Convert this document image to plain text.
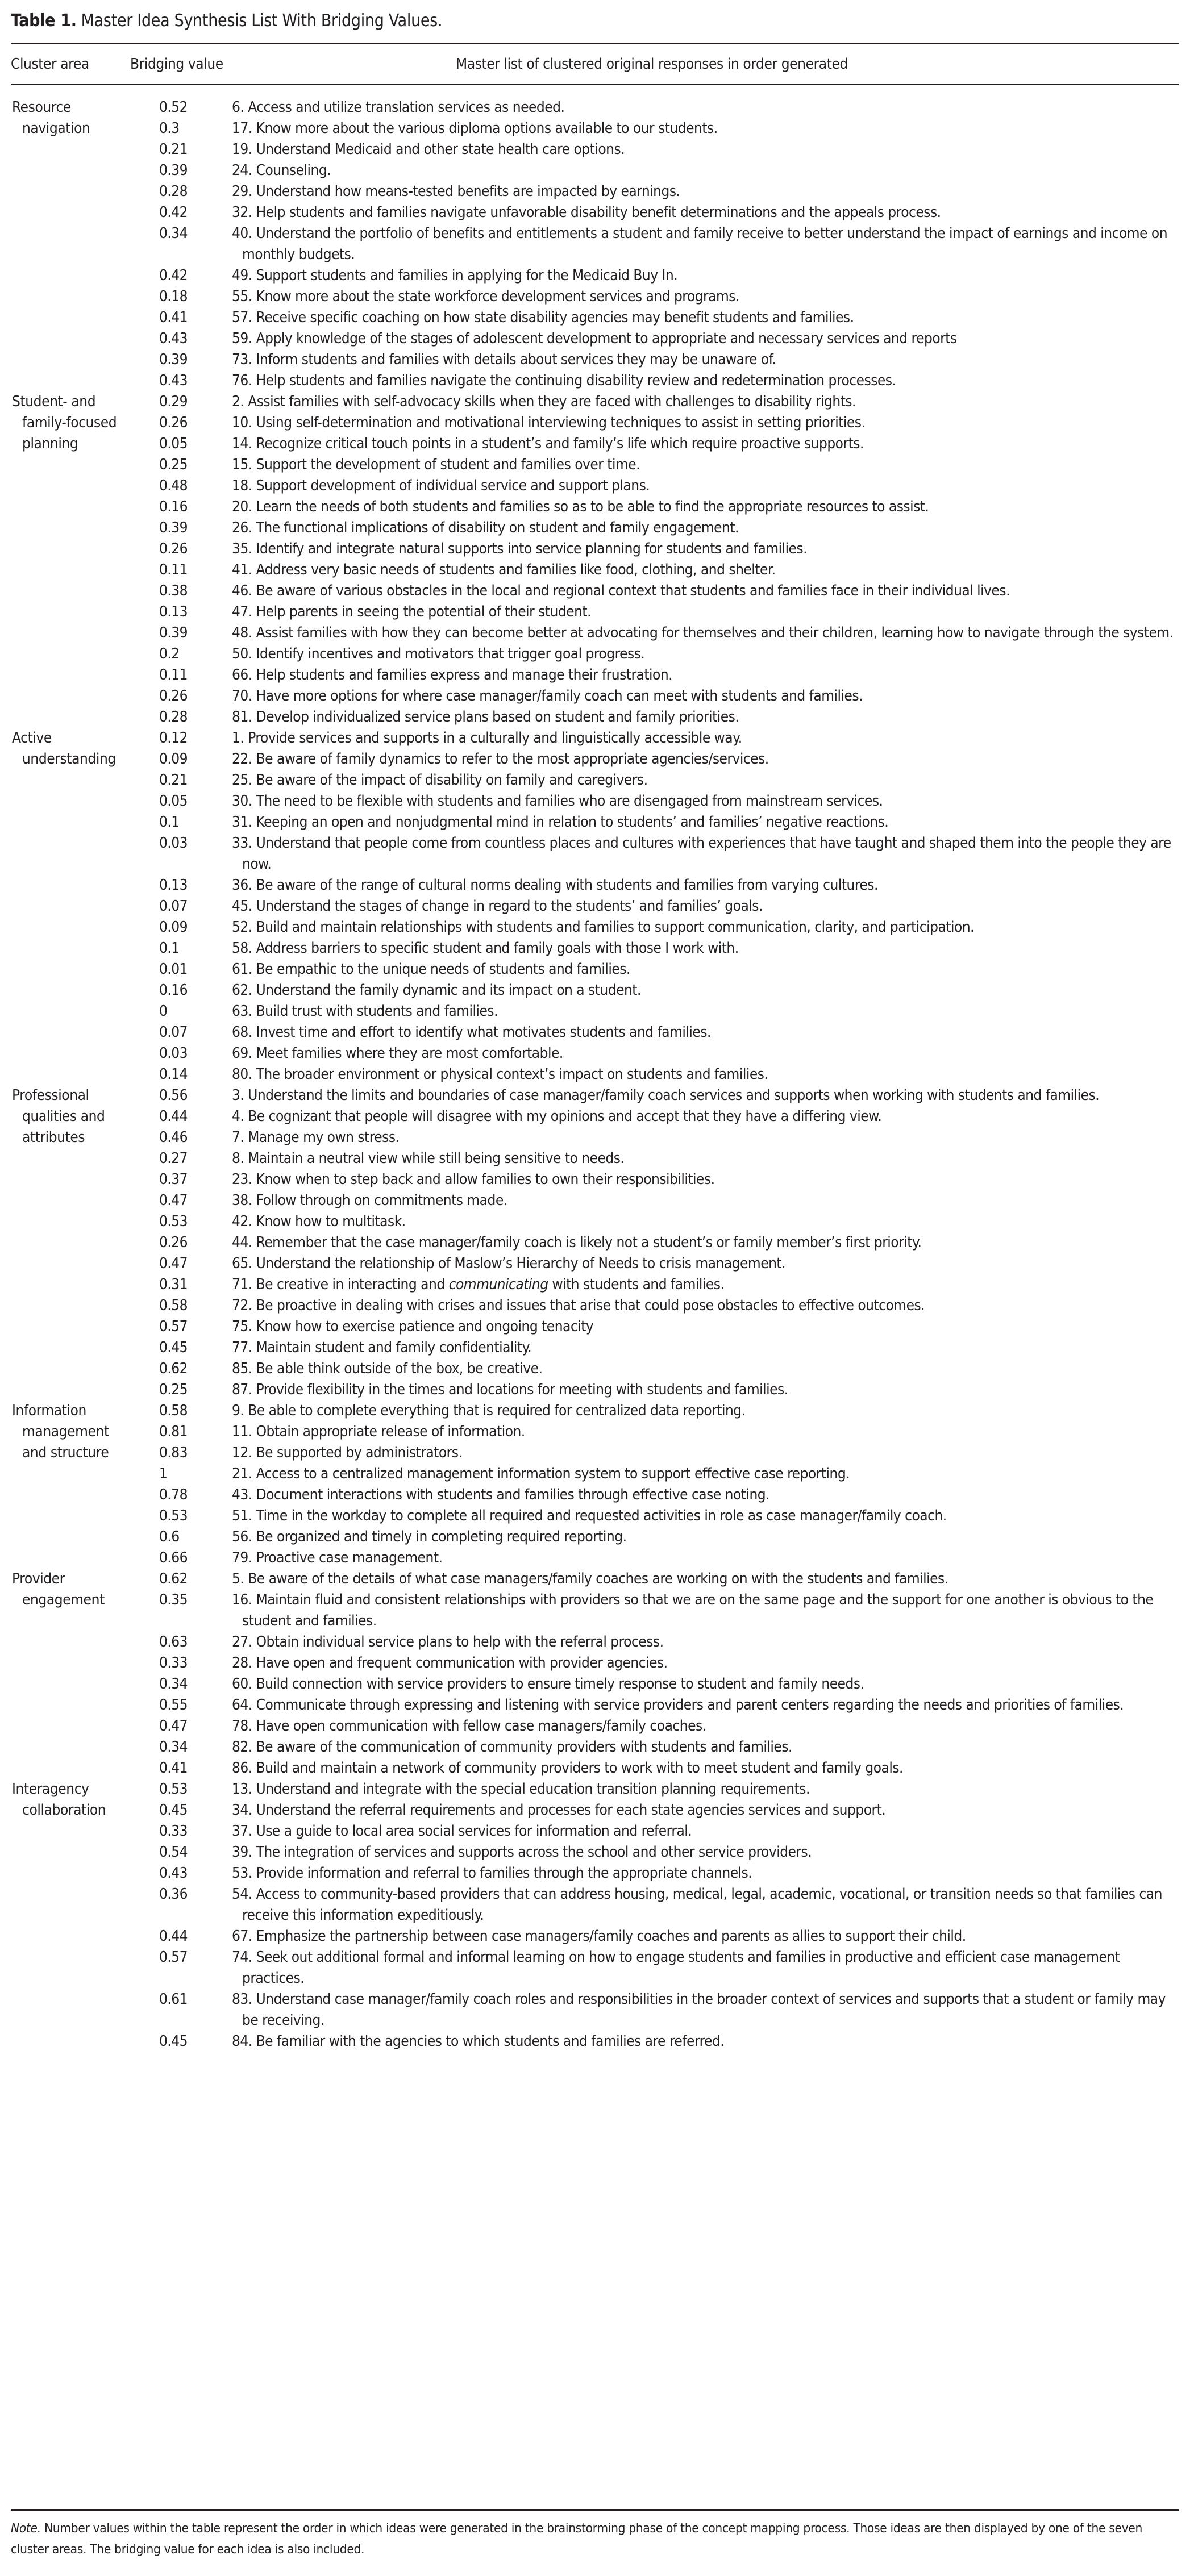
Table 1. Master Idea Synthesis List With Bridging Values.
Cluster area	Bridging value	Master list of clustered original responses in order generated
Resource
navigation
0.52	6. Access and utilize translation services as needed.
0.3	17. Know more about the various diploma options available to our students.
0.21	19. Understand Medicaid and other state health care options.
0.39	24. Counseling.
0.28	29. Understand how means-tested benefits are impacted by earnings.
0.42	32. Help students and families navigate unfavorable disability benefit determinations and the appeals process.
0.34	40. Understand the portfolio of benefits and entitlements a student and family receive to better understand the impact of earnings and income on monthly budgets.
0.42	49. Support students and families in applying for the Medicaid Buy In.
0.18	55. Know more about the state workforce development services and programs.
0.41	57. Receive specific coaching on how state disability agencies may benefit students and families.
0.43	59. Apply knowledge of the stages of adolescent development to appropriate and necessary services and reports
0.39	73. Inform students and families with details about services they may be unaware of.
0.43	76. Help students and families navigate the continuing disability review and redetermination processes.
Student- and
family-focused
planning
0.29	2. Assist families with self-advocacy skills when they are faced with challenges to disability rights.
0.26	10. Using self-determination and motivational interviewing techniques to assist in setting priorities.
0.05	14. Recognize critical touch points in a student’s and family’s life which require proactive supports.
0.25	15. Support the development of student and families over time.
0.48	18. Support development of individual service and support plans.
0.16	20. Learn the needs of both students and families so as to be able to find the appropriate resources to assist.
0.39	26. The functional implications of disability on student and family engagement.
0.26	35. Identify and integrate natural supports into service planning for students and families.
0.11	41. Address very basic needs of students and families like food, clothing, and shelter.
0.38	46. Be aware of various obstacles in the local and regional context that students and families face in their individual lives.
0.13	47. Help parents in seeing the potential of their student.
0.39	48. Assist families with how they can become better at advocating for themselves and their children, learning how to navigate through the system.
0.2	50. Identify incentives and motivators that trigger goal progress.
0.11	66. Help students and families express and manage their frustration.
0.26	70. Have more options for where case manager/family coach can meet with students and families.
0.28	81. Develop individualized service plans based on student and family priorities.
Active
understanding
0.12	1. Provide services and supports in a culturally and linguistically accessible way.
0.09	22. Be aware of family dynamics to refer to the most appropriate agencies/services.
0.21	25. Be aware of the impact of disability on family and caregivers.
0.05	30. The need to be flexible with students and families who are disengaged from mainstream services.
0.1	31. Keeping an open and nonjudgmental mind in relation to students’ and families’ negative reactions.
0.03	33. Understand that people come from countless places and cultures with experiences that have taught and shaped them into the people they are now.
0.13	36. Be aware of the range of cultural norms dealing with students and families from varying cultures.
0.07	45. Understand the stages of change in regard to the students’ and families’ goals.
0.09	52. Build and maintain relationships with students and families to support communication, clarity, and participation.
0.1	58. Address barriers to specific student and family goals with those I work with.
0.01	61. Be empathic to the unique needs of students and families.
0.16	62. Understand the family dynamic and its impact on a student.
0	63. Build trust with students and families.
0.07	68. Invest time and effort to identify what motivates students and families.
0.03	69. Meet families where they are most comfortable.
0.14	80. The broader environment or physical context’s impact on students and families.
Professional
qualities and
attributes
0.56	3. Understand the limits and boundaries of case manager/family coach services and supports when working with students and families.
0.44	4. Be cognizant that people will disagree with my opinions and accept that they have a differing view.
0.46	7. Manage my own stress.
0.27	8. Maintain a neutral view while still being sensitive to needs.
0.37	23. Know when to step back and allow families to own their responsibilities.
0.47	38. Follow through on commitments made.
0.53	42. Know how to multitask.
0.26	44. Remember that the case manager/family coach is likely not a student’s or family member’s first priority.
0.47	65. Understand the relationship of Maslow’s Hierarchy of Needs to crisis management.
0.31	71. Be creative in interacting and communicating with students and families.
0.58	72. Be proactive in dealing with crises and issues that arise that could pose obstacles to effective outcomes.
0.57	75. Know how to exercise patience and ongoing tenacity
0.45	77. Maintain student and family confidentiality.
0.62	85. Be able think outside of the box, be creative.
0.25	87. Provide flexibility in the times and locations for meeting with students and families.
Information
management
and structure
0.58	9. Be able to complete everything that is required for centralized data reporting.
0.81	11. Obtain appropriate release of information.
0.83	12. Be supported by administrators.
1	21. Access to a centralized management information system to support effective case reporting.
0.78	43. Document interactions with students and families through effective case noting.
0.53	51. Time in the workday to complete all required and requested activities in role as case manager/family coach.
0.6	56. Be organized and timely in completing required reporting.
0.66	79. Proactive case management.
Provider
engagement
0.62	5. Be aware of the details of what case managers/family coaches are working on with the students and families.
0.35	16. Maintain fluid and consistent relationships with providers so that we are on the same page and the support for one another is obvious to the student and families.
0.63	27. Obtain individual service plans to help with the referral process.
0.33	28. Have open and frequent communication with provider agencies.
0.34	60. Build connection with service providers to ensure timely response to student and family needs.
0.55	64. Communicate through expressing and listening with service providers and parent centers regarding the needs and priorities of families.
0.47	78. Have open communication with fellow case managers/family coaches.
0.34	82. Be aware of the communication of community providers with students and families.
0.41	86. Build and maintain a network of community providers to work with to meet student and family goals.
Interagency
collaboration
0.53	13. Understand and integrate with the special education transition planning requirements.
0.45	34. Understand the referral requirements and processes for each state agencies services and support.
0.33	37. Use a guide to local area social services for information and referral.
0.54	39. The integration of services and supports across the school and other service providers.
0.43	53. Provide information and referral to families through the appropriate channels.
0.36	54. Access to community-based providers that can address housing, medical, legal, academic, vocational, or transition needs so that families can receive this information expeditiously.
0.44	67. Emphasize the partnership between case managers/family coaches and parents as allies to support their child.
0.57	74. Seek out additional formal and informal learning on how to engage students and families in productive and efficient case management practices.
0.61	83. Understand case manager/family coach roles and responsibilities in the broader context of services and supports that a student or family may be receiving.
0.45	84. Be familiar with the agencies to which students and families are referred.
Note. Number values within the table represent the order in which ideas were generated in the brainstorming phase of the concept mapping process. Those ideas are then displayed by one of the seven cluster areas. The bridging value for each idea is also included.
